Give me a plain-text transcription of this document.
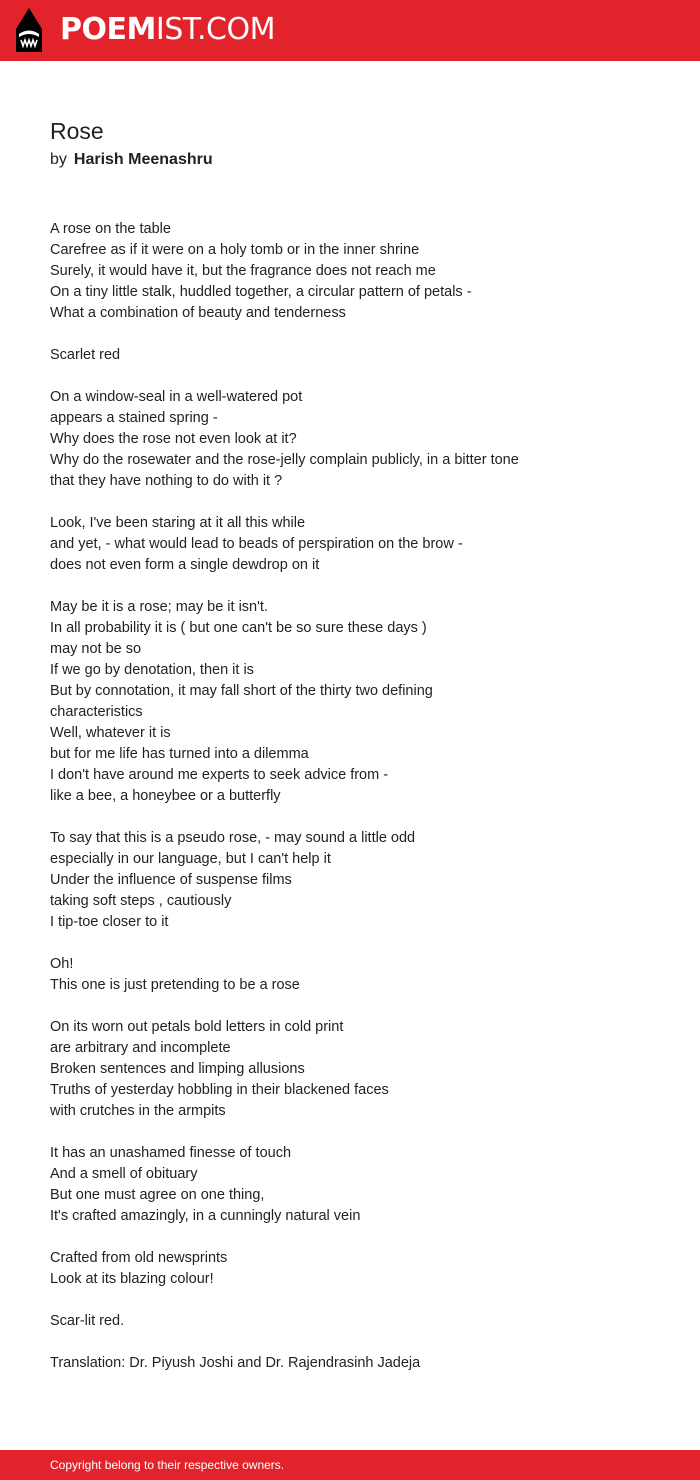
POEMIST.COM
Rose
by Harish Meenashru
A rose on the table
Carefree as if it were on a holy tomb or in the inner shrine
Surely, it would have it, but the fragrance does not reach me
On a tiny little stalk, huddled together, a circular pattern of petals -
What a combination of beauty and tenderness
Scarlet red
On a window-seal in a well-watered pot
appears a stained spring -
Why does the rose not even look at it?
Why do the rosewater and the rose-jelly complain publicly, in a bitter tone
that they have nothing to do with it ?
Look, I've been staring at it all this while
and yet, - what would lead to beads of perspiration on the brow -
does not even form a single dewdrop on it
May be it is a rose; may be it isn't.
In all probability it is ( but one can't be so sure these days )
may not be so
If we go by denotation, then it is
But by connotation, it may fall short of the thirty two defining
characteristics
Well, whatever it is
but for me life has turned into a dilemma
I don't have around me experts to seek advice from -
like a bee, a honeybee or a butterfly
To say that this is a pseudo rose, - may sound a little odd
especially in our language, but I can't help it
Under the influence of suspense films
taking soft steps , cautiously
I tip-toe closer to it
Oh!
This one is just pretending to be a rose
On its worn out petals bold letters in cold print
are arbitrary and incomplete
Broken sentences and limping allusions
Truths of yesterday hobbling in their blackened faces
with crutches in the armpits
It has an unashamed finesse of touch
And a smell of obituary
But one must agree on one thing,
It's crafted amazingly, in a cunningly natural vein
Crafted from old newsprints
Look at its blazing colour!
Scar-lit red.
Translation: Dr. Piyush Joshi and Dr. Rajendrasinh Jadeja
Copyright belong to their respective owners.
